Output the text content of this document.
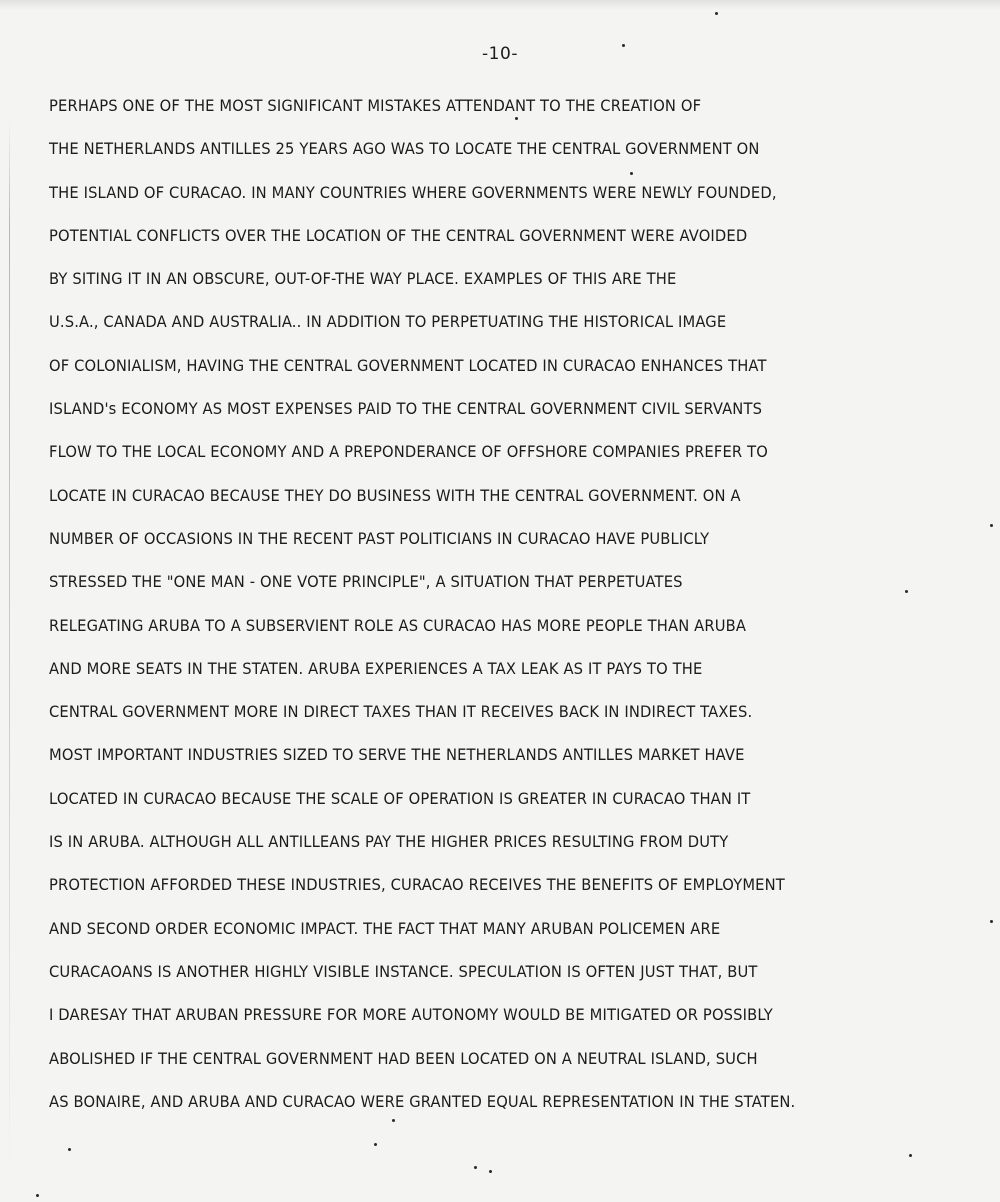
-10-
PERHAPS ONE OF THE MOST SIGNIFICANT MISTAKES ATTENDANT TO THE CREATION OF
THE NETHERLANDS ANTILLES 25 YEARS AGO WAS TO LOCATE THE CENTRAL GOVERNMENT ON
THE ISLAND OF CURACAO. IN MANY COUNTRIES WHERE GOVERNMENTS WERE NEWLY FOUNDED,
POTENTIAL CONFLICTS OVER THE LOCATION OF THE CENTRAL GOVERNMENT WERE AVOIDED
BY SITING IT IN AN OBSCURE, OUT-OF-THE WAY PLACE. EXAMPLES OF THIS ARE THE
U.S.A., CANADA AND AUSTRALIA.. IN ADDITION TO PERPETUATING THE HISTORICAL IMAGE
OF COLONIALISM, HAVING THE CENTRAL GOVERNMENT LOCATED IN CURACAO ENHANCES THAT
ISLAND's ECONOMY AS MOST EXPENSES PAID TO THE CENTRAL GOVERNMENT CIVIL SERVANTS
FLOW TO THE LOCAL ECONOMY AND A PREPONDERANCE OF OFFSHORE COMPANIES PREFER TO
LOCATE IN CURACAO BECAUSE THEY DO BUSINESS WITH THE CENTRAL GOVERNMENT. ON A
NUMBER OF OCCASIONS IN THE RECENT PAST POLITICIANS IN CURACAO HAVE PUBLICLY
STRESSED THE "ONE MAN - ONE VOTE PRINCIPLE", A SITUATION THAT PERPETUATES
RELEGATING ARUBA TO A SUBSERVIENT ROLE AS CURACAO HAS MORE PEOPLE THAN ARUBA
AND MORE SEATS IN THE STATEN. ARUBA EXPERIENCES A TAX LEAK AS IT PAYS TO THE
CENTRAL GOVERNMENT MORE IN DIRECT TAXES THAN IT RECEIVES BACK IN INDIRECT TAXES.
MOST IMPORTANT INDUSTRIES SIZED TO SERVE THE NETHERLANDS ANTILLES MARKET HAVE
LOCATED IN CURACAO BECAUSE THE SCALE OF OPERATION IS GREATER IN CURACAO THAN IT
IS IN ARUBA. ALTHOUGH ALL ANTILLEANS PAY THE HIGHER PRICES RESULTING FROM DUTY
PROTECTION AFFORDED THESE INDUSTRIES, CURACAO RECEIVES THE BENEFITS OF EMPLOYMENT
AND SECOND ORDER ECONOMIC IMPACT. THE FACT THAT MANY ARUBAN POLICEMEN ARE
CURACAOANS IS ANOTHER HIGHLY VISIBLE INSTANCE. SPECULATION IS OFTEN JUST THAT, BUT
I DARESAY THAT ARUBAN PRESSURE FOR MORE AUTONOMY WOULD BE MITIGATED OR POSSIBLY
ABOLISHED IF THE CENTRAL GOVERNMENT HAD BEEN LOCATED ON A NEUTRAL ISLAND, SUCH
AS BONAIRE, AND ARUBA AND CURACAO WERE GRANTED EQUAL REPRESENTATION IN THE STATEN.
